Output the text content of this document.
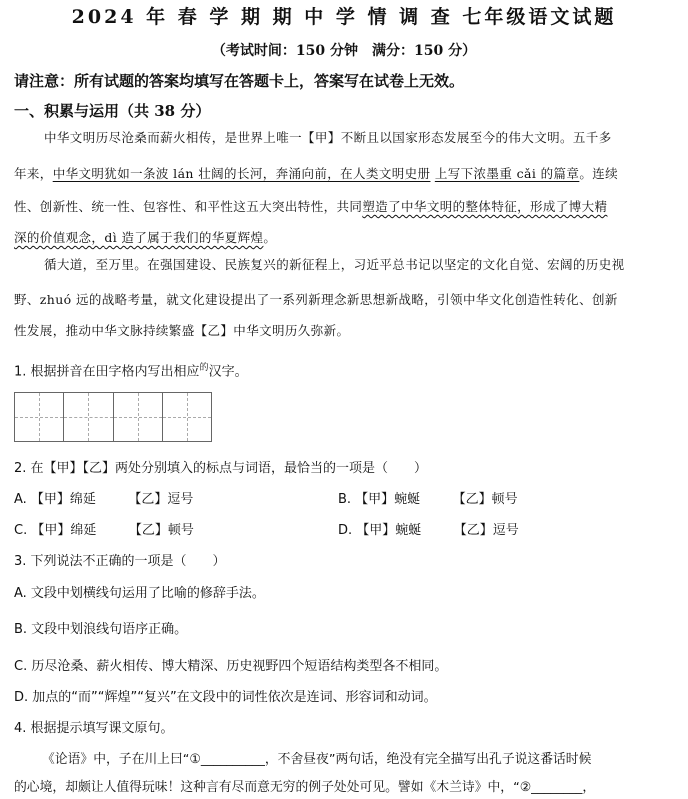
2024 年 春 学 期 期 中 学 情 调 查 七年级语文试题
（考试时间：150 分钟　满分：150 分）
请注意：所有试题的答案均填写在答题卡上，答案写在试卷上无效。
一、积累与运用（共 38 分）
中华文明历尽沧桑而薪火相传，是世界上唯一【甲】不断且以国家形态发展至今的伟大文明。五千多
年来，中华文明犹如一条波 lán 壮阔的长河，奔涌向前，在人类文明史册 上写下浓墨重 cǎi 的篇章。连续
性、创新性、统一性、包容性、和平性这五大突出特性，共同塑造了中华文明的整体特征，形成了博大精
深的价值观念，dì 造了属于我们的华夏辉煌。
循大道，至万里。在强国建设、民族复兴的新征程上，习近平总书记以坚定的文化自觉、宏阔的历史视
野、zhuó 远的战略考量，就文化建设提出了一系列新理念新思想新战略，引领中华文化创造性转化、创新
性发展，推动中华文脉持续繁盛【乙】中华文明历久弥新。
1. 根据拼音在田字格内写出相应$^的$汉字。
2. 在【甲】【乙】两处分别填入的标点与词语，最恰当的一项是（　　）
A. 【甲】绵延　　　【乙】逗号	B. 【甲】蜿蜒　　　【乙】顿号
C. 【甲】绵延　　　【乙】顿号	D. 【甲】蜿蜒　　　【乙】逗号
3. 下列说法不正确的一项是（　　）
A. 文段中划横线句运用了比喻的修辞手法。
B. 文段中划浪线句语序正确。
C. 历尽沧桑、薪火相传、博大精深、历史视野四个短语结构类型各不相同。
D. 加点的“而”“辉煌”“复兴”在文段中的词性依次是连词、形容词和动词。
4. 根据提示填写课文原句。
《论语》中，子在川上曰“①__________，不舍昼夜”两句话，绝没有完全描写出孔子说这番话时候
的心境，却颇让人值得玩味！这种言有尽而意无穷的例子处处可见。譬如《木兰诗》中，“②________，
